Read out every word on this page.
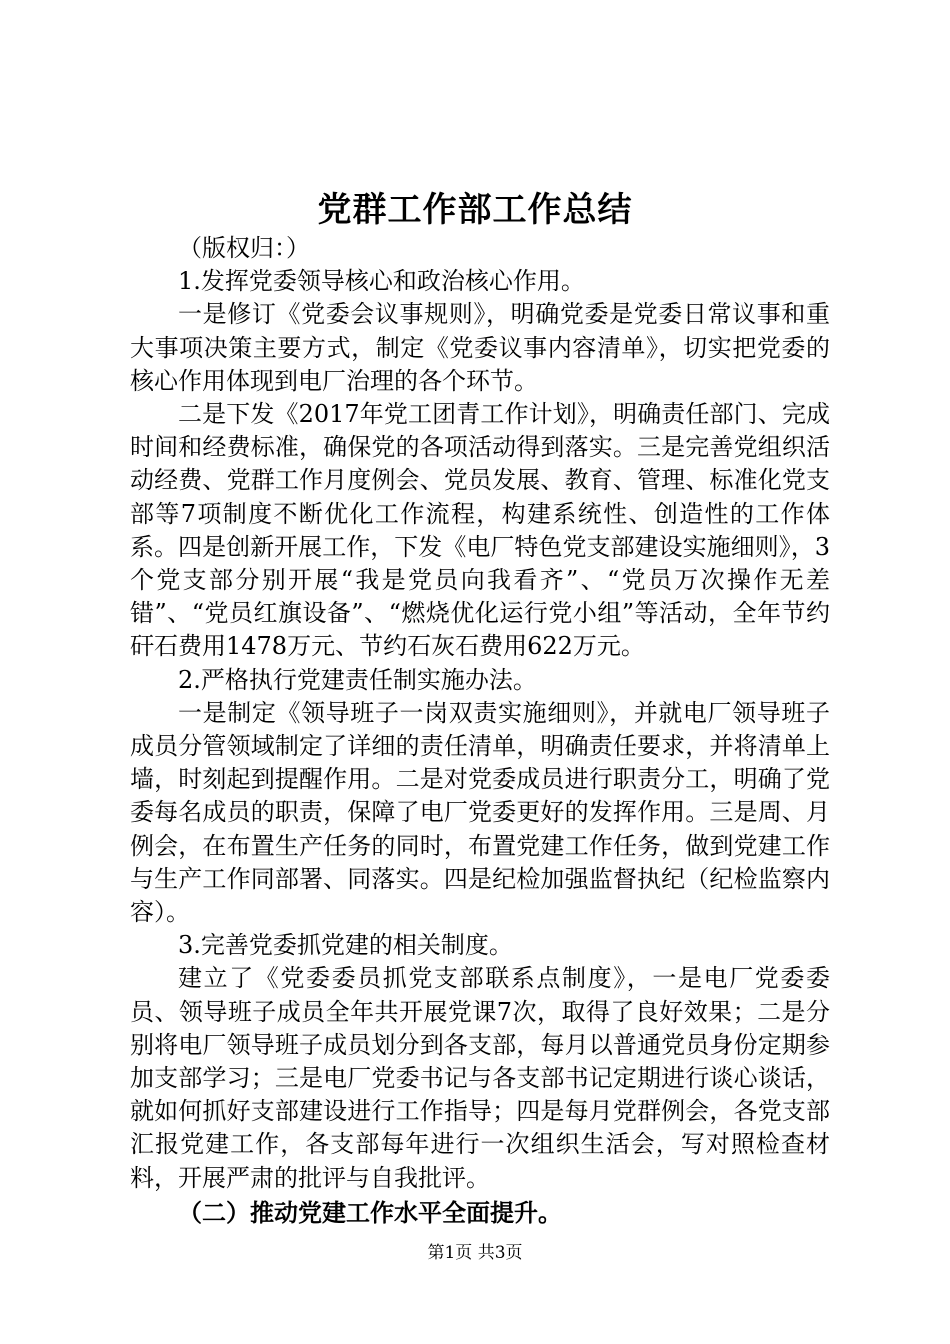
党群工作部工作总结

（版权归：）

1.发挥党委领导核心和政治核心作用。

一是修订《党委会议事规则》，明确党委是党委日常议事和重大事项决策主要方式，制定《党委议事内容清单》，切实把党委的核心作用体现到电厂治理的各个环节。

二是下发《2017年党工团青工作计划》，明确责任部门、完成时间和经费标准，确保党的各项活动得到落实。三是完善党组织活动经费、党群工作月度例会、党员发展、教育、管理、标准化党支部等7项制度不断优化工作流程，构建系统性、创造性的工作体系。四是创新开展工作，下发《电厂特色党支部建设实施细则》，3个党支部分别开展“我是党员向我看齐”、“党员万次操作无差错”、“党员红旗设备”、“燃烧优化运行党小组”等活动，全年节约矸石费用1478万元、节约石灰石费用622万元。

2.严格执行党建责任制实施办法。

一是制定《领导班子一岗双责实施细则》，并就电厂领导班子成员分管领域制定了详细的责任清单，明确责任要求，并将清单上墙，时刻起到提醒作用。二是对党委成员进行职责分工，明确了党委每名成员的职责，保障了电厂党委更好的发挥作用。三是周、月例会，在布置生产任务的同时，布置党建工作任务，做到党建工作与生产工作同部署、同落实。四是纪检加强监督执纪（纪检监察内容）。

3.完善党委抓党建的相关制度。

建立了《党委委员抓党支部联系点制度》，一是电厂党委委员、领导班子成员全年共开展党课7次，取得了良好效果；二是分别将电厂领导班子成员划分到各支部，每月以普通党员身份定期参加支部学习；三是电厂党委书记与各支部书记定期进行谈心谈话，就如何抓好支部建设进行工作指导；四是每月党群例会，各党支部汇报党建工作，各支部每年进行一次组织生活会，写对照检查材料，开展严肃的批评与自我批评。

（二）推动党建工作水平全面提升。

第1页 共3页
